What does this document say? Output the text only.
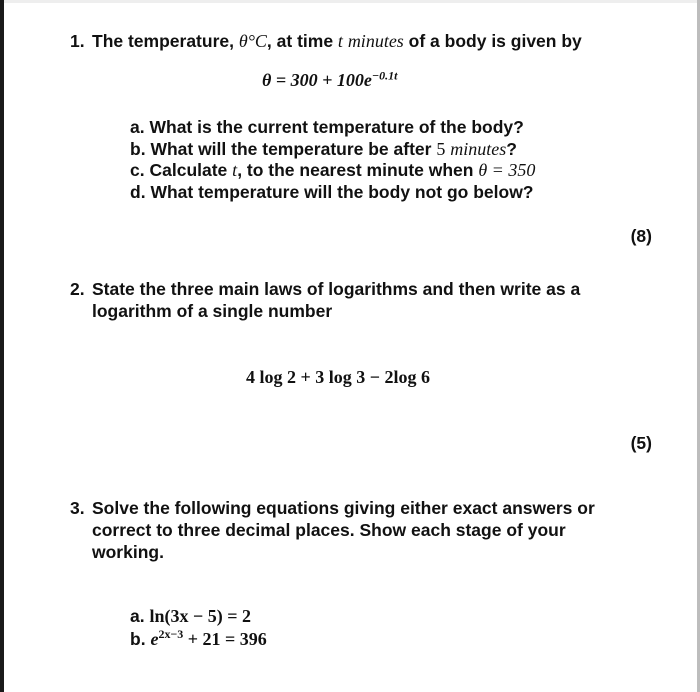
1. The temperature, θ°C, at time t minutes of a body is given by
$\theta = 300 + 100e^{-0.1t}$
a. What is the current temperature of the body?
b. What will the temperature be after 5 minutes?
c. Calculate t, to the nearest minute when θ = 350
d. What temperature will the body not go below?
(8)
2. State the three main laws of logarithms and then write as a
logarithm of a single number
4 log 2 + 3 log 3 − 2log 6
(5)
3. Solve the following equations giving either exact answers or
correct to three decimal places. Show each stage of your
working.
a. ln(3x − 5) = 2
b. $e^{2x-3} + 21 = 396$
